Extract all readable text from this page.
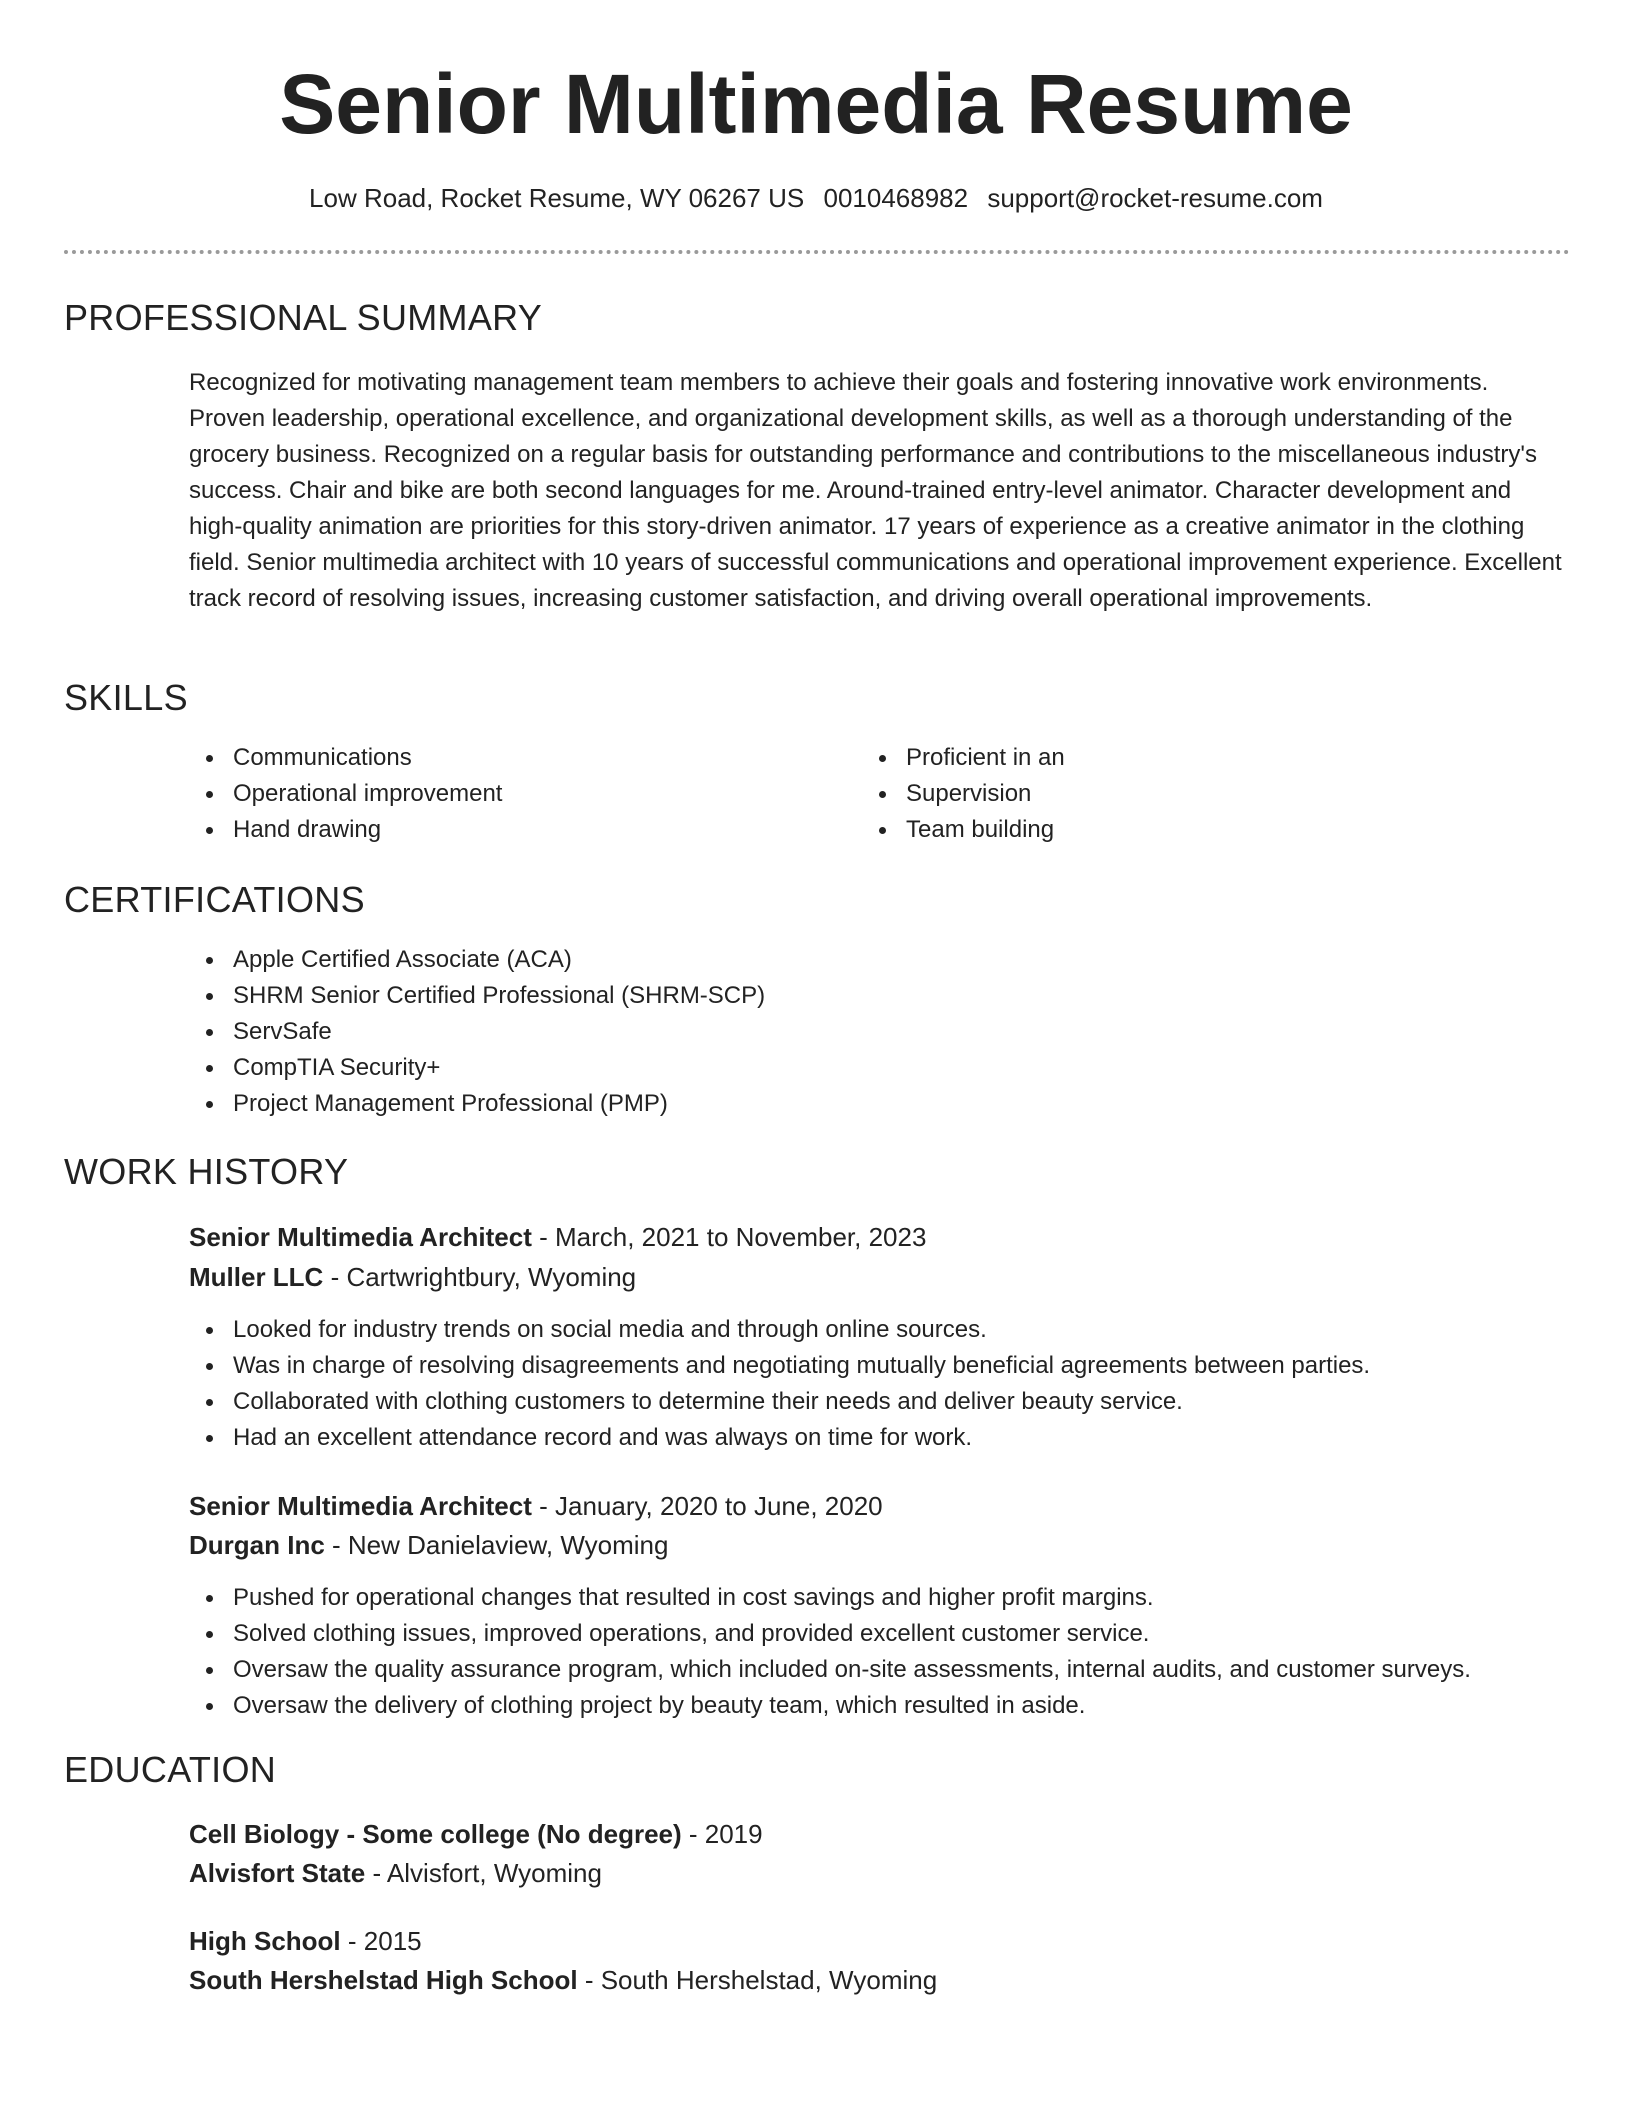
Senior Multimedia Resume
Low Road, Rocket Resume, WY 06267 US 0010468982 support@rocket-resume.com
PROFESSIONAL SUMMARY

Recognized for motivating management team members to achieve their goals and fostering innovative work environments. Proven leadership, operational excellence, and organizational development skills, as well as a thorough understanding of the grocery business. Recognized on a regular basis for outstanding performance and contributions to the miscellaneous industry's success. Chair and bike are both second languages for me. Around-trained entry-level animator. Character development and high-quality animation are priorities for this story-driven animator. 17 years of experience as a creative animator in the clothing field. Senior multimedia architect with 10 years of successful communications and operational improvement experience. Excellent track record of resolving issues, increasing customer satisfaction, and driving overall operational improvements.

SKILLS
Communications
Operational improvement
Hand drawing
Proficient in an
Supervision
Team building
CERTIFICATIONS
Apple Certified Associate (ACA)
SHRM Senior Certified Professional (SHRM-SCP)
ServSafe
CompTIA Security+
Project Management Professional (PMP)
WORK HISTORY
Senior Multimedia Architect - March, 2021 to November, 2023
Muller LLC - Cartwrightbury, Wyoming
Looked for industry trends on social media and through online sources.
Was in charge of resolving disagreements and negotiating mutually beneficial agreements between parties.
Collaborated with clothing customers to determine their needs and deliver beauty service.
Had an excellent attendance record and was always on time for work.
Senior Multimedia Architect - January, 2020 to June, 2020
Durgan Inc - New Danielaview, Wyoming
Pushed for operational changes that resulted in cost savings and higher profit margins.
Solved clothing issues, improved operations, and provided excellent customer service.
Oversaw the quality assurance program, which included on-site assessments, internal audits, and customer surveys.
Oversaw the delivery of clothing project by beauty team, which resulted in aside.
EDUCATION
Cell Biology - Some college (No degree) - 2019
Alvisfort State - Alvisfort, Wyoming
High School - 2015
South Hershelstad High School - South Hershelstad, Wyoming
